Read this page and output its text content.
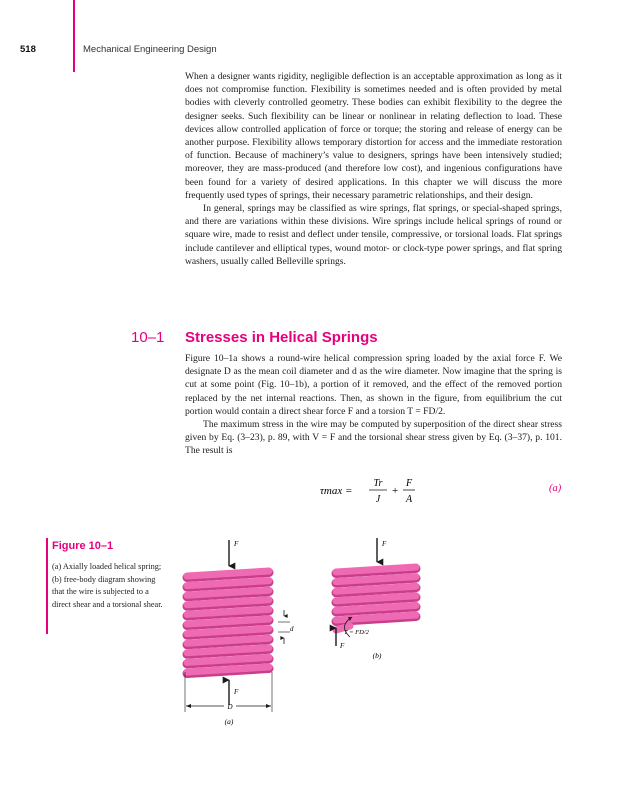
518	Mechanical Engineering Design

When a designer wants rigidity, negligible deflection is an acceptable approximation as long as it does not compromise function. Flexibility is sometimes needed and is often provided by metal bodies with cleverly controlled geometry. These bodies can exhibit flexibility to the degree the designer seeks. Such flexibility can be linear or nonlinear in relating deflection to load. These devices allow controlled application of force or torque; the storing and release of energy can be another purpose. Flexibility allows temporary distortion for access and the immediate restoration of function. Because of machinery’s value to designers, springs have been intensively studied; moreover, they are mass-produced (and therefore low cost), and ingenious configurations have been found for a variety of desired applications. In this chapter we will discuss the more frequently used types of springs, their necessary parametric relationships, and their design.

In general, springs may be classified as wire springs, flat springs, or special-shaped springs, and there are variations within these divisions. Wire springs include helical springs of round or square wire, made to resist and deflect under tensile, compressive, or torsional loads. Flat springs include cantilever and elliptical types, wound motor- or clock-type power springs, and flat spring washers, usually called Belleville springs.

10–1 Stresses in Helical Springs

Figure 10–1a shows a round-wire helical compression spring loaded by the axial force F. We designate D as the mean coil diameter and d as the wire diameter. Now imagine that the spring is cut at some point (Fig. 10–1b), a portion of it removed, and the effect of the removed portion replaced by the net internal reactions. Then, as shown in the figure, from equilibrium the cut portion would contain a direct shear force F and a torsion T = FD/2.

The maximum stress in the wire may be computed by superposition of the direct shear stress given by Eq. (3–23), p. 89, with V = F and the torsional shear stress given by Eq. (3–37), p. 101. The result is

τmax =
Tr
J
+
F
A
(a)
Figure 10–1
(a) Axially loaded helical spring; (b) free-body diagram showing that the wire is subjected to a direct shear and a torsional shear.
F
F
d
D
(a)
F
T = FD/2
F
(b)
